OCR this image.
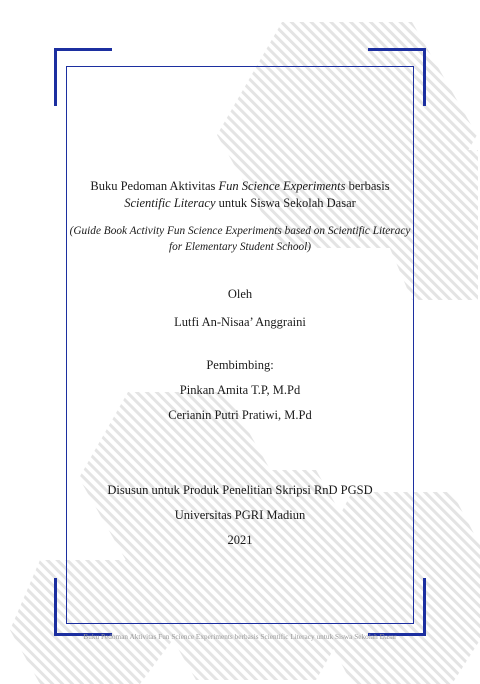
Buku Pedoman Aktivitas Fun Science Experiments berbasis
Scientific Literacy untuk Siswa Sekolah Dasar
(Guide Book Activity Fun Science Experiments based on Scientific Literacy
for Elementary Student School)
Oleh
Lutfi An-Nisaa’ Anggraini
Pembimbing:
Pinkan Amita T.P, M.Pd
Cerianin Putri Pratiwi, M.Pd
Disusun untuk Produk Penelitian Skripsi RnD PGSD
Universitas PGRI Madiun
2021
Buku Pedoman Aktivitas Fun Science Experiments berbasis Scientific Literacy untuk Siswa Sekolah Dasar
